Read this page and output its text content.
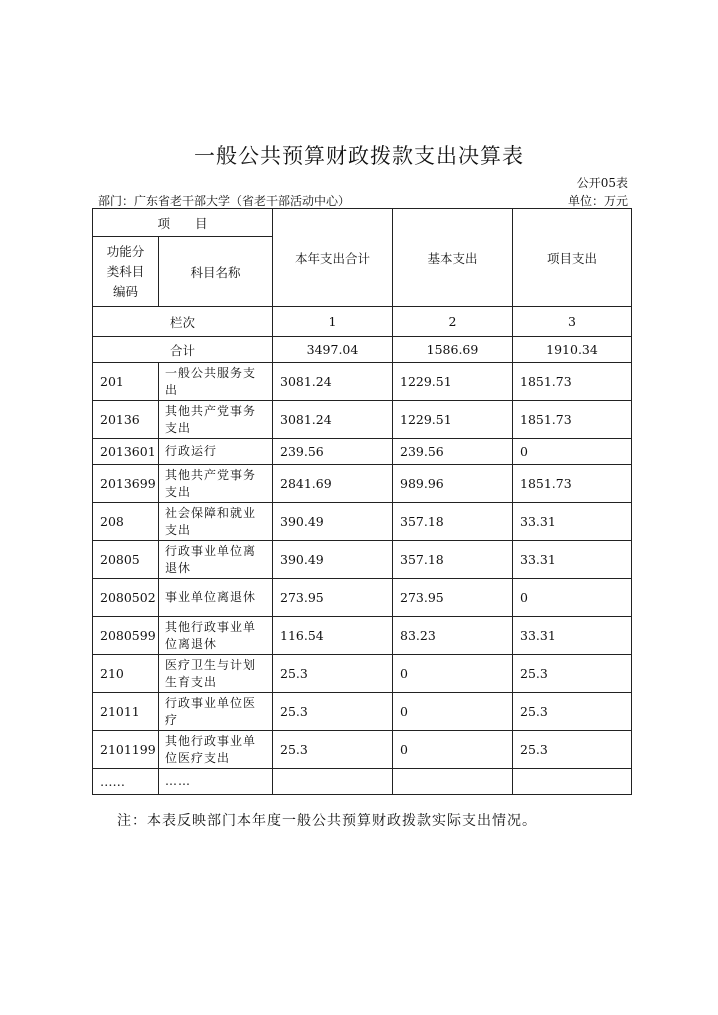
一般公共预算财政拨款支出决算表
公开05表
部门：广东省老干部大学（省老干部活动中心）	单位：万元
项　　目		本年支出合计	基本支出	项目支出
功能分类科目编码	科目名称			
栏次		1	2	3
合计		3497.04	1586.69	1910.34
201	一般公共服务支出	3081.24	1229.51	1851.73
20136	其他共产党事务支出	3081.24	1229.51	1851.73
2013601	行政运行	239.56	239.56	0
2013699	其他共产党事务支出	2841.69	989.96	1851.73
208	社会保障和就业支出	390.49	357.18	33.31
20805	行政事业单位离退休	390.49	357.18	33.31
2080502	事业单位离退休	273.95	273.95	0
2080599	其他行政事业单位离退休	116.54	83.23	33.31
210	医疗卫生与计划生育支出	25.3	0	25.3
21011	行政事业单位医疗	25.3	0	25.3
2101199	其他行政事业单位医疗支出	25.3	0	25.3
……	……			
注：本表反映部门本年度一般公共预算财政拨款实际支出情况。
